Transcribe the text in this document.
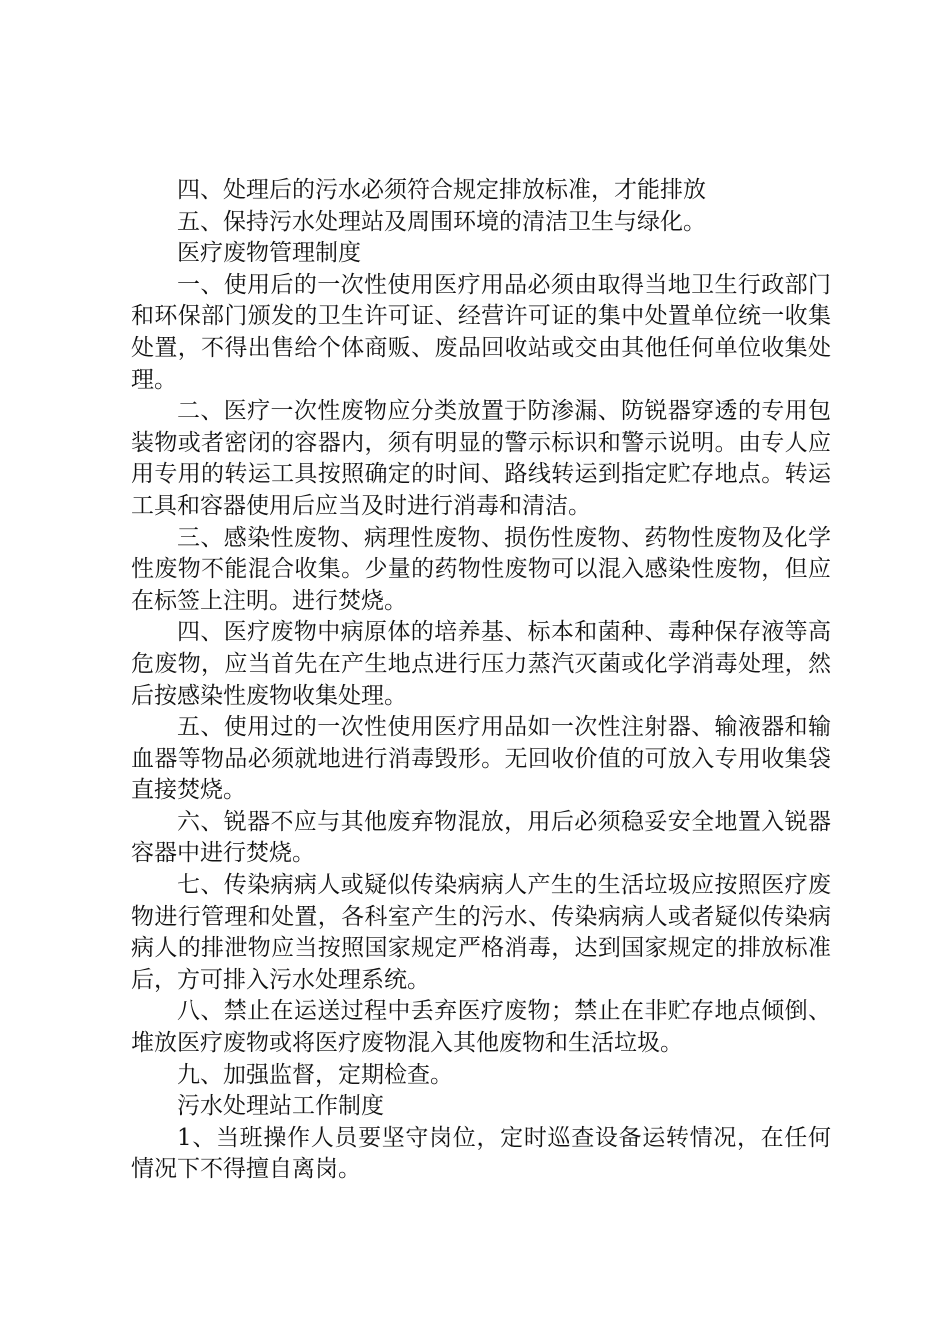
四、处理后的污水必须符合规定排放标准，才能排放

五、保持污水处理站及周围环境的清洁卫生与绿化。

医疗废物管理制度

一、使用后的一次性使用医疗用品必须由取得当地卫生行政部门和环保部门颁发的卫生许可证、经营许可证的集中处置单位统一收集处置，不得出售给个体商贩、废品回收站或交由其他任何单位收集处理。

二、医疗一次性废物应分类放置于防渗漏、防锐器穿透的专用包装物或者密闭的容器内，须有明显的警示标识和警示说明。由专人应用专用的转运工具按照确定的时间、路线转运到指定贮存地点。转运工具和容器使用后应当及时进行消毒和清洁。

三、感染性废物、病理性废物、损伤性废物、药物性废物及化学性废物不能混合收集。少量的药物性废物可以混入感染性废物，但应在标签上注明。进行焚烧。

四、医疗废物中病原体的培养基、标本和菌种、毒种保存液等高危废物，应当首先在产生地点进行压力蒸汽灭菌或化学消毒处理，然后按感染性废物收集处理。

五、使用过的一次性使用医疗用品如一次性注射器、输液器和输血器等物品必须就地进行消毒毁形。无回收价值的可放入专用收集袋直接焚烧。

六、锐器不应与其他废弃物混放，用后必须稳妥安全地置入锐器容器中进行焚烧。

七、传染病病人或疑似传染病病人产生的生活垃圾应按照医疗废物进行管理和处置，各科室产生的污水、传染病病人或者疑似传染病病人的排泄物应当按照国家规定严格消毒，达到国家规定的排放标准后，方可排入污水处理系统。

八、禁止在运送过程中丢弃医疗废物；禁止在非贮存地点倾倒、堆放医疗废物或将医疗废物混入其他废物和生活垃圾。

九、加强监督，定期检查。

污水处理站工作制度

1、当班操作人员要坚守岗位，定时巡查设备运转情况，在任何情况下不得擅自离岗。
